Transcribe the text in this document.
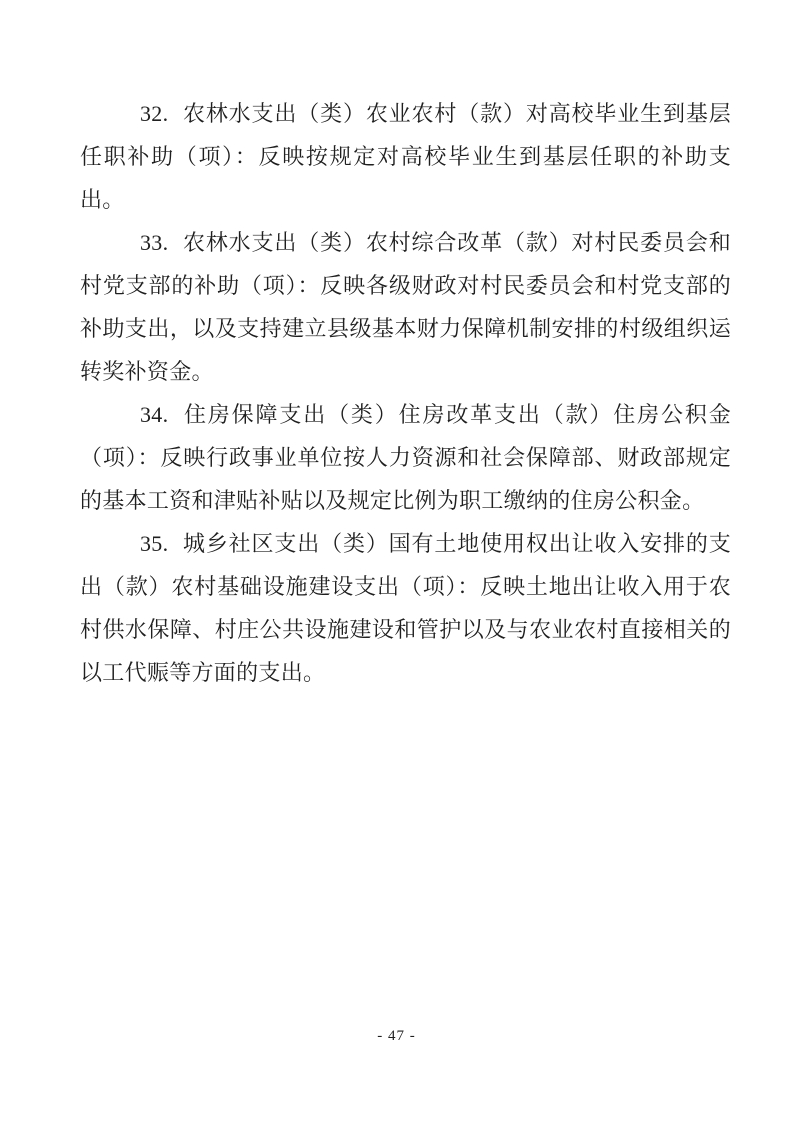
32. 农林水支出（类）农业农村（款）对高校毕业生到基层任职补助（项）：反映按规定对高校毕业生到基层任职的补助支出。

33. 农林水支出（类）农村综合改革（款）对村民委员会和村党支部的补助（项）：反映各级财政对村民委员会和村党支部的补助支出，以及支持建立县级基本财力保障机制安排的村级组织运转奖补资金。

34. 住房保障支出（类）住房改革支出（款）住房公积金（项）：反映行政事业单位按人力资源和社会保障部、财政部规定的基本工资和津贴补贴以及规定比例为职工缴纳的住房公积金。

35. 城乡社区支出（类）国有土地使用权出让收入安排的支出（款）农村基础设施建设支出（项）：反映土地出让收入用于农村供水保障、村庄公共设施建设和管护以及与农业农村直接相关的以工代赈等方面的支出。

- 47 -
